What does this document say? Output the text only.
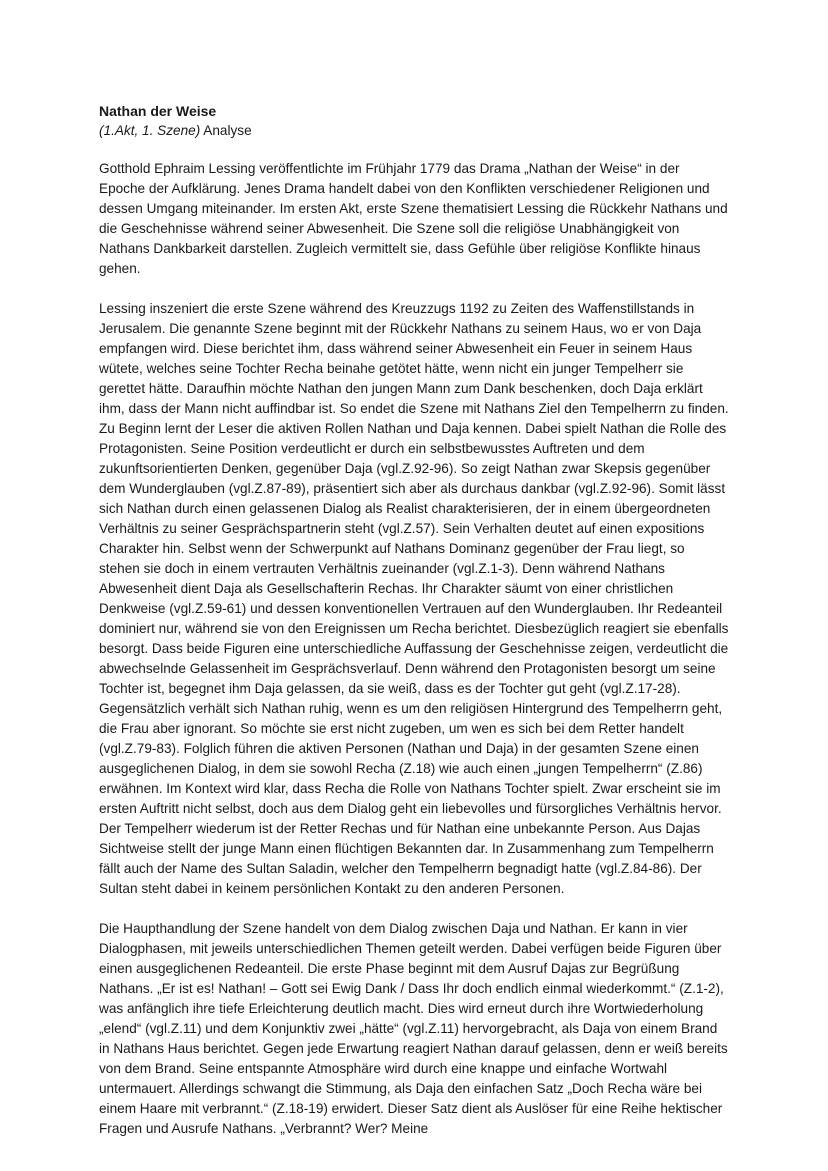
Nathan der Weise

(1.Akt, 1. Szene) Analyse

Gotthold Ephraim Lessing veröffentlichte im Frühjahr 1779 das Drama „Nathan der Weise“ in der Epoche der Aufklärung. Jenes Drama handelt dabei von den Konflikten verschiedener Religionen und dessen Umgang miteinander. Im ersten Akt, erste Szene thematisiert Lessing die Rückkehr Nathans und die Geschehnisse während seiner Abwesenheit. Die Szene soll die religiöse Unabhängigkeit von Nathans Dankbarkeit darstellen. Zugleich vermittelt sie, dass Gefühle über religiöse Konflikte hinaus gehen.

Lessing inszeniert die erste Szene während des Kreuzzugs 1192 zu Zeiten des Waffenstillstands in Jerusalem. Die genannte Szene beginnt mit der Rückkehr Nathans zu seinem Haus, wo er von Daja empfangen wird. Diese berichtet ihm, dass während seiner Abwesenheit ein Feuer in seinem Haus wütete, welches seine Tochter Recha beinahe getötet hätte, wenn nicht ein junger Tempelherr sie gerettet hätte. Daraufhin möchte Nathan den jungen Mann zum Dank beschenken, doch Daja erklärt ihm, dass der Mann nicht auffindbar ist. So endet die Szene mit Nathans Ziel den Tempelherrn zu finden. Zu Beginn lernt der Leser die aktiven Rollen Nathan und Daja kennen. Dabei spielt Nathan die Rolle des Protagonisten. Seine Position verdeutlicht er durch ein selbstbewusstes Auftreten und dem zukunftsorientierten Denken, gegenüber Daja (vgl.Z.92-96). So zeigt Nathan zwar Skepsis gegenüber dem Wunderglauben (vgl.Z.87-89), präsentiert sich aber als durchaus dankbar (vgl.Z.92-96). Somit lässt sich Nathan durch einen gelassenen Dialog als Realist charakterisieren, der in einem übergeordneten Verhältnis zu seiner Gesprächspartnerin steht (vgl.Z.57). Sein Verhalten deutet auf einen expositions Charakter hin. Selbst wenn der Schwerpunkt auf Nathans Dominanz gegenüber der Frau liegt, so stehen sie doch in einem vertrauten Verhältnis zueinander (vgl.Z.1-3). Denn während Nathans Abwesenheit dient Daja als Gesellschafterin Rechas. Ihr Charakter säumt von einer christlichen Denkweise (vgl.Z.59-61) und dessen konventionellen Vertrauen auf den Wunderglauben. Ihr Redeanteil dominiert nur, während sie von den Ereignissen um Recha berichtet. Diesbezüglich reagiert sie ebenfalls besorgt. Dass beide Figuren eine unterschiedliche Auffassung der Geschehnisse zeigen, verdeutlicht die abwechselnde Gelassenheit im Gesprächsverlauf. Denn während den Protagonisten besorgt um seine Tochter ist, begegnet ihm Daja gelassen, da sie weiß, dass es der Tochter gut geht (vgl.Z.17-28). Gegensätzlich verhält sich Nathan ruhig, wenn es um den religiösen Hintergrund des Tempelherrn geht, die Frau aber ignorant. So möchte sie erst nicht zugeben, um wen es sich bei dem Retter handelt (vgl.Z.79-83). Folglich führen die aktiven Personen (Nathan und Daja) in der gesamten Szene einen ausgeglichenen Dialog, in dem sie sowohl Recha (Z.18) wie auch einen „jungen Tempelherrn“ (Z.86) erwähnen. Im Kontext wird klar, dass Recha die Rolle von Nathans Tochter spielt. Zwar erscheint sie im ersten Auftritt nicht selbst, doch aus dem Dialog geht ein liebevolles und fürsorgliches Verhältnis hervor. Der Tempelherr wiederum ist der Retter Rechas und für Nathan eine unbekannte Person. Aus Dajas Sichtweise stellt der junge Mann einen flüchtigen Bekannten dar. In Zusammenhang zum Tempelherrn fällt auch der Name des Sultan Saladin, welcher den Tempelherrn begnadigt hatte (vgl.Z.84-86). Der Sultan steht dabei in keinem persönlichen Kontakt zu den anderen Personen.

Die Haupthandlung der Szene handelt von dem Dialog zwischen Daja und Nathan. Er kann in vier Dialogphasen, mit jeweils unterschiedlichen Themen geteilt werden. Dabei verfügen beide Figuren über einen ausgeglichenen Redeanteil. Die erste Phase beginnt mit dem Ausruf Dajas zur Begrüßung Nathans. „Er ist es! Nathan! – Gott sei Ewig Dank / Dass Ihr doch endlich einmal wiederkommt.“ (Z.1-2), was anfänglich ihre tiefe Erleichterung deutlich macht. Dies wird erneut durch ihre Wortwiederholung „elend“ (vgl.Z.11) und dem Konjunktiv zwei „hätte“ (vgl.Z.11) hervorgebracht, als Daja von einem Brand in Nathans Haus berichtet. Gegen jede Erwartung reagiert Nathan darauf gelassen, denn er weiß bereits von dem Brand. Seine entspannte Atmosphäre wird durch eine knappe und einfache Wortwahl untermauert. Allerdings schwangt die Stimmung, als Daja den einfachen Satz „Doch Recha wäre bei einem Haare mit verbrannt.“ (Z.18-19) erwidert. Dieser Satz dient als Auslöser für eine Reihe hektischer Fragen und Ausrufe Nathans. „Verbrannt? Wer? Meine
